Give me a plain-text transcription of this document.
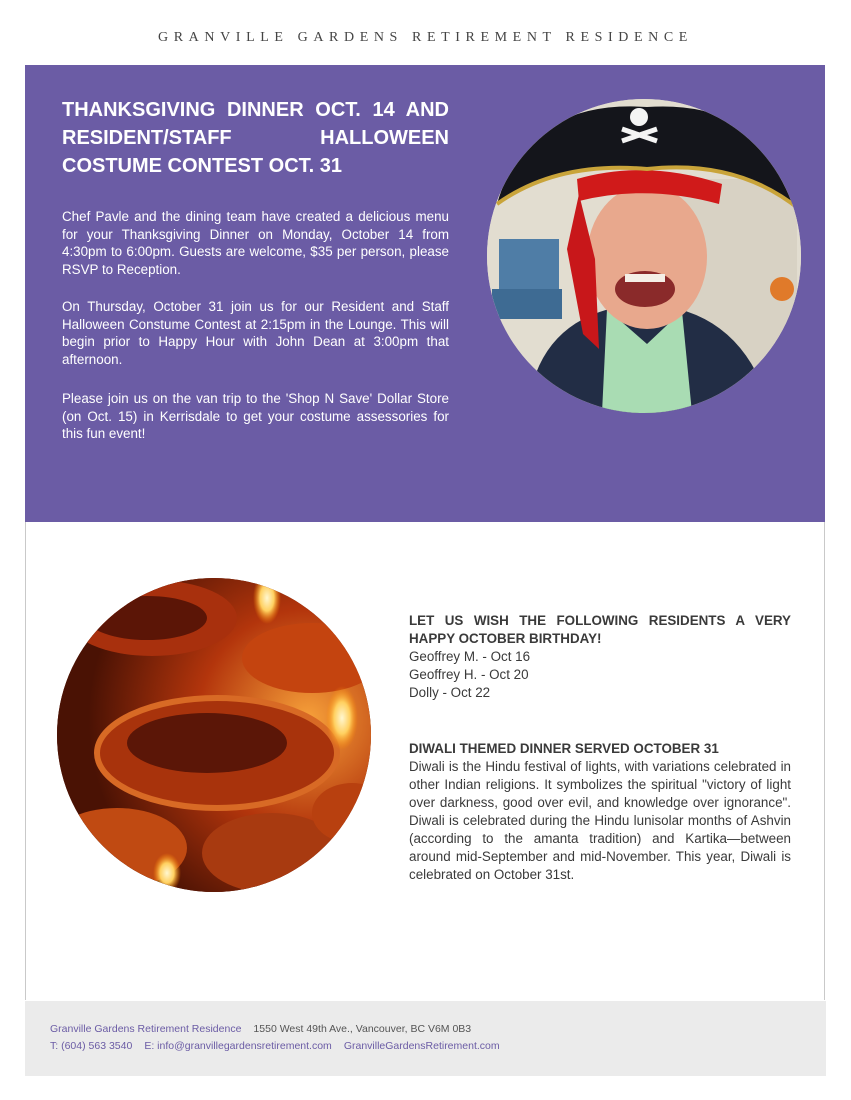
GRANVILLE GARDENS RETIREMENT RESIDENCE
THANKSGIVING DINNER OCT. 14 AND RESIDENT/STAFF HALLOWEEN COSTUME CONTEST OCT. 31

Chef Pavle and the dining team have created a delicious menu for your Thanksgiving Dinner on Monday, October 14 from 4:30pm to 6:00pm. Guests are welcome, $35 per person, please RSVP to Reception.

On Thursday, October 31 join us for our Resident and Staff Halloween Constume Contest at 2:15pm in the Lounge. This will begin prior to Happy Hour with John Dean at 3:00pm that afternoon.

Please join us on the van trip to the 'Shop N Save' Dollar Store (on Oct. 15) in Kerrisdale to get your costume assessories for this fun event!

LET US WISH THE FOLLOWING RESIDENTS A VERY HAPPY OCTOBER BIRTHDAY!
Geoffrey M. - Oct 16
Geoffrey H. - Oct 20
Dolly - Oct 22
DIWALI THEMED DINNER SERVED OCTOBER 31

Diwali is the Hindu festival of lights, with variations celebrated in other Indian religions. It symbolizes the spiritual "victory of light over darkness, good over evil, and knowledge over ignorance". Diwali is celebrated during the Hindu lunisolar months of Ashvin (according to the amanta tradition) and Kartika—between around mid-September and mid-November. This year, Diwali is celebrated on October 31st.

Granville Gardens Retirement Residence 1550 West 49th Ave., Vancouver, BC V6M 0B3
T: (604) 563 3540 E: info@granvillegardensretirement.com GranvilleGardensRetirement.com
